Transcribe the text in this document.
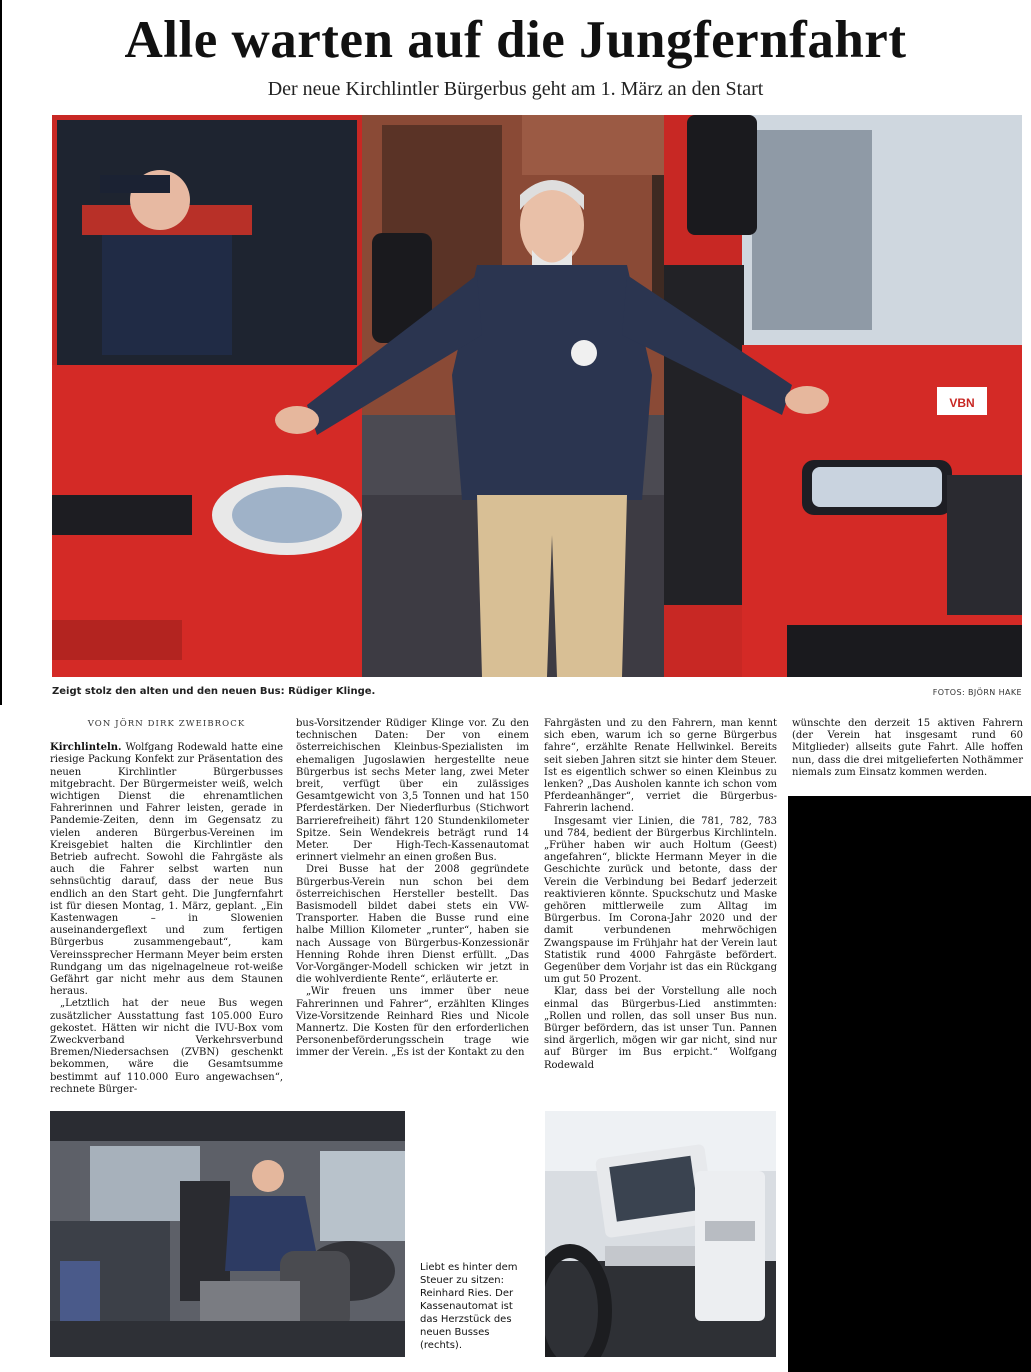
Alle warten auf die Jungfernfahrt
Der neue Kirchlintler Bürgerbus geht am 1. März an den Start
VBN
Zeigt stolz den alten und den neuen Bus: Rüdiger Klinge.	FOTOS: BJÖRN HAKE
VON JÖRN DIRK ZWEIBROCK

Kirchlinteln. Wolfgang Rodewald hatte eine riesige Packung Konfekt zur Präsentation des neuen Kirchlintler Bürgerbusses mitgebracht. Der Bürgermeister weiß, welch wichtigen Dienst die ehrenamtlichen Fahrerinnen und Fahrer leisten, gerade in Pandemie-Zeiten, denn im Gegensatz zu vielen anderen Bürgerbus-Vereinen im Kreisgebiet halten die Kirchlintler den Betrieb aufrecht. Sowohl die Fahrgäste als auch die Fahrer selbst warten nun sehnsüchtig darauf, dass der neue Bus endlich an den Start geht. Die Jungfernfahrt ist für diesen Montag, 1. März, geplant. „Ein Kastenwagen – in Slowenien auseinandergeflext und zum fertigen Bürgerbus zusammengebaut“, kam Vereinssprecher Hermann Meyer beim ersten Rundgang um das nigelnagelneue rot-weiße Gefährt gar nicht mehr aus dem Staunen heraus.

„Letztlich hat der neue Bus wegen zusätzlicher Ausstattung fast 105.000 Euro gekostet. Hätten wir nicht die IVU-Box vom Zweckverband Verkehrsverbund Bremen/Niedersachsen (ZVBN) geschenkt bekommen, wäre die Gesamtsumme bestimmt auf 110.000 Euro angewachsen“, rechnete Bürger-

bus-Vorsitzender Rüdiger Klinge vor. Zu den technischen Daten: Der von einem österreichischen Kleinbus-Spezialisten im ehemaligen Jugoslawien hergestellte neue Bürgerbus ist sechs Meter lang, zwei Meter breit, verfügt über ein zulässiges Gesamtgewicht von 3,5 Tonnen und hat 150 Pferdestärken. Der Niederflurbus (Stichwort Barrierefreiheit) fährt 120 Stundenkilometer Spitze. Sein Wendekreis beträgt rund 14 Meter. Der High-Tech-Kassenautomat erinnert vielmehr an einen großen Bus.

Drei Busse hat der 2008 gegründete Bürgerbus-Verein nun schon bei dem österreichischen Hersteller bestellt. Das Basismodell bildet dabei stets ein VW-Transporter. Haben die Busse rund eine halbe Million Kilometer „runter“, haben sie nach Aussage von Bürgerbus-Konzessionär Henning Rohde ihren Dienst erfüllt. „Das Vor-Vorgänger-Modell schicken wir jetzt in die wohlverdiente Rente“, erläuterte er.

„Wir freuen uns immer über neue Fahrerinnen und Fahrer“, erzählten Klinges Vize-Vorsitzende Reinhard Ries und Nicole Mannertz. Die Kosten für den erforderlichen Personenbeförderungsschein trage wie immer der Verein. „Es ist der Kontakt zu den

Fahrgästen und zu den Fahrern, man kennt sich eben, warum ich so gerne Bürgerbus fahre“, erzählte Renate Hellwinkel. Bereits seit sieben Jahren sitzt sie hinter dem Steuer. Ist es eigentlich schwer so einen Kleinbus zu lenken? „Das Ausholen kannte ich schon vom Pferdeanhänger“, verriet die Bürgerbus-Fahrerin lachend.

Insgesamt vier Linien, die 781, 782, 783 und 784, bedient der Bürgerbus Kirchlinteln. „Früher haben wir auch Holtum (Geest) angefahren“, blickte Hermann Meyer in die Geschichte zurück und betonte, dass der Verein die Verbindung bei Bedarf jederzeit reaktivieren könnte. Spuckschutz und Maske gehören mittlerweile zum Alltag im Bürgerbus. Im Corona-Jahr 2020 und der damit verbundenen mehrwöchigen Zwangspause im Frühjahr hat der Verein laut Statistik rund 4000 Fahrgäste befördert. Gegenüber dem Vorjahr ist das ein Rückgang um gut 50 Prozent.

Klar, dass bei der Vorstellung alle noch einmal das Bürgerbus-Lied anstimmten: „Rollen und rollen, das soll unser Bus nun. Bürger befördern, das ist unser Tun. Pannen sind ärgerlich, mögen wir gar nicht, sind nur auf Bürger im Bus erpicht.“ Wolfgang Rodewald

wünschte den derzeit 15 aktiven Fahrern (der Verein hat insgesamt rund 60 Mitglieder) allseits gute Fahrt. Alle hoffen nun, dass die drei mitgelieferten Nothämmer niemals zum Einsatz kommen werden.

Liebt es hinter dem Steuer zu sitzen: Reinhard Ries. Der Kassenautomat ist das Herzstück des neuen Busses (rechts).
